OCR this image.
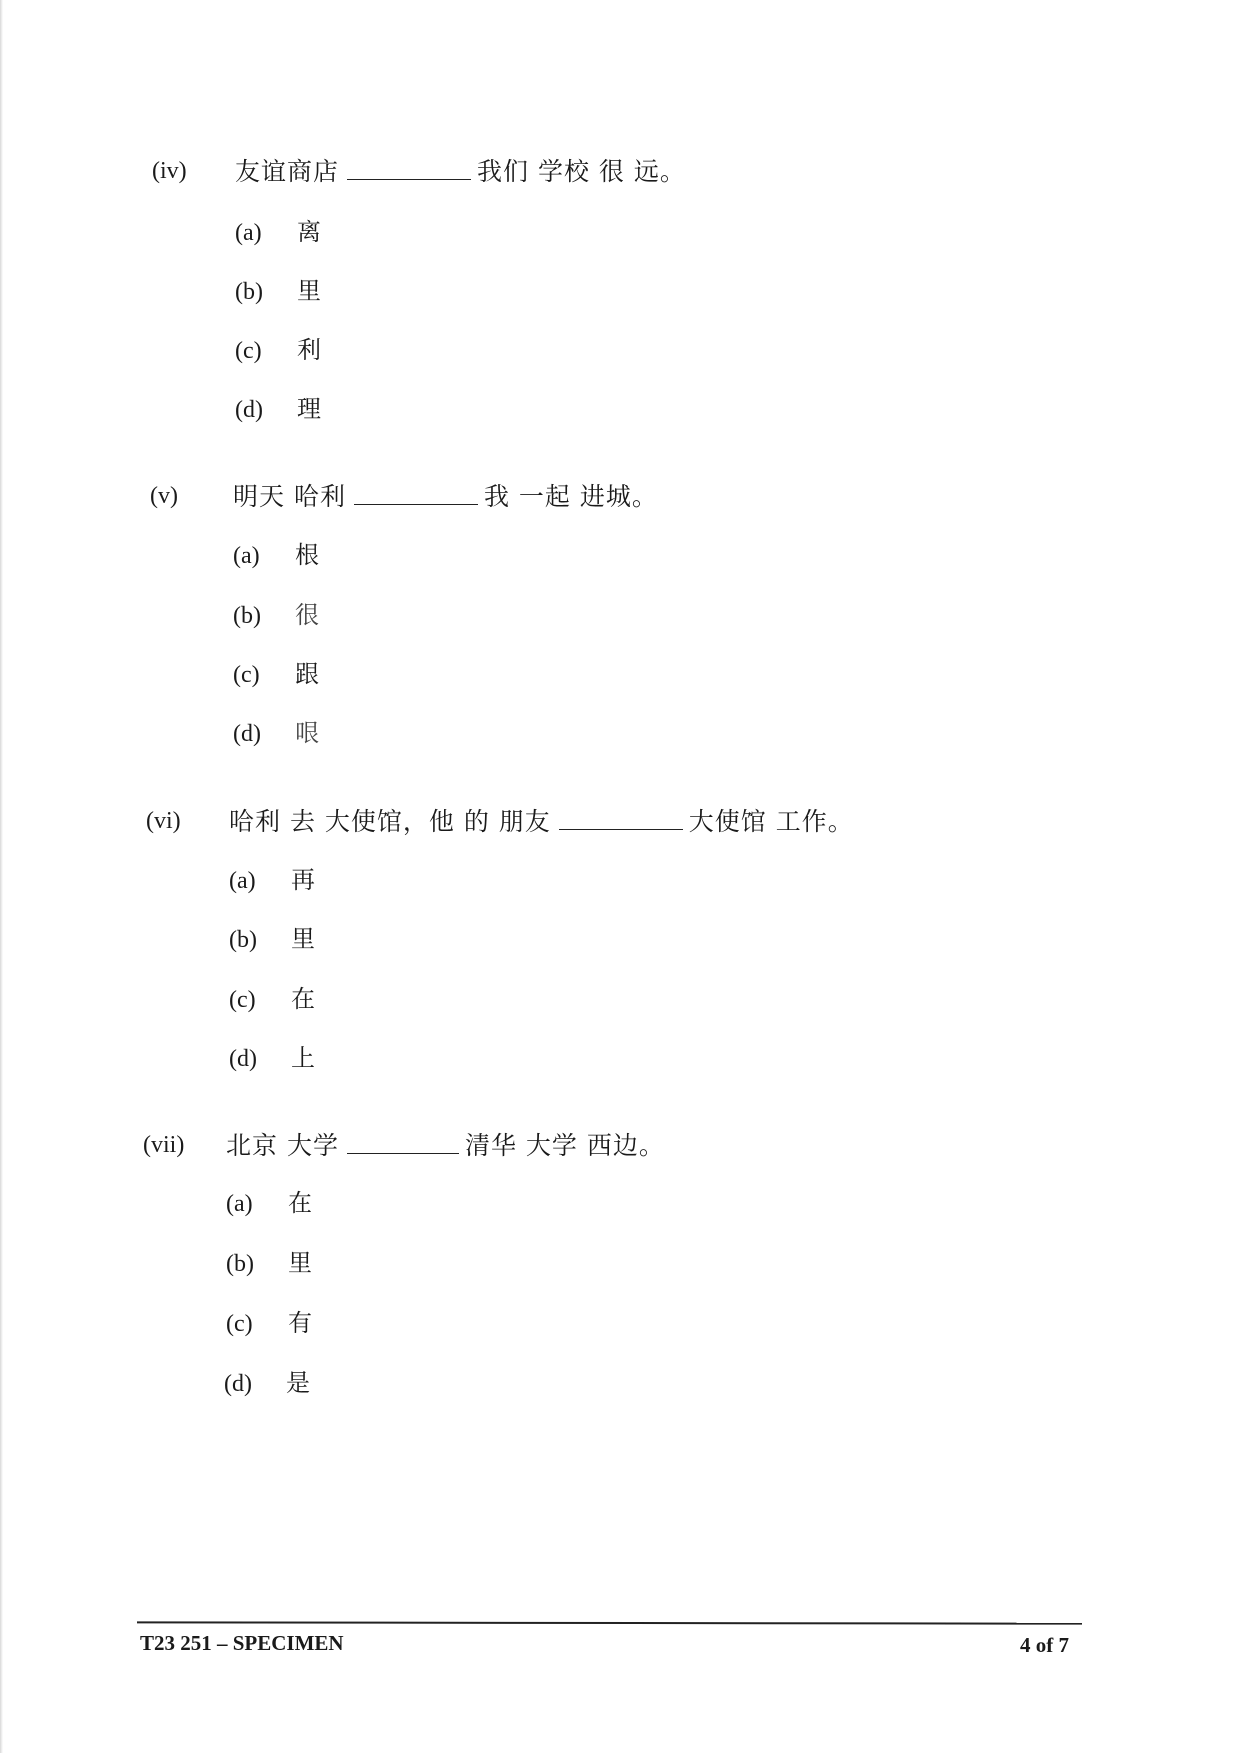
(iv) 友谊商店	我们 学校 很 远。
(a) 离
(b) 里
(c) 利
(d) 理
(v) 明天 哈利	我 一起 进城。
(a) 根
(b) 很
(c) 跟
(d) 哏
(vi) 哈利 去 大使馆，他 的 朋友	大使馆 工作。
(a) 再
(b) 里
(c) 在
(d) 上
(vii) 北京 大学	清华 大学 西边。
(a) 在
(b) 里
(c) 有
(d) 是
T23 251 – SPECIMEN	4 of 7
